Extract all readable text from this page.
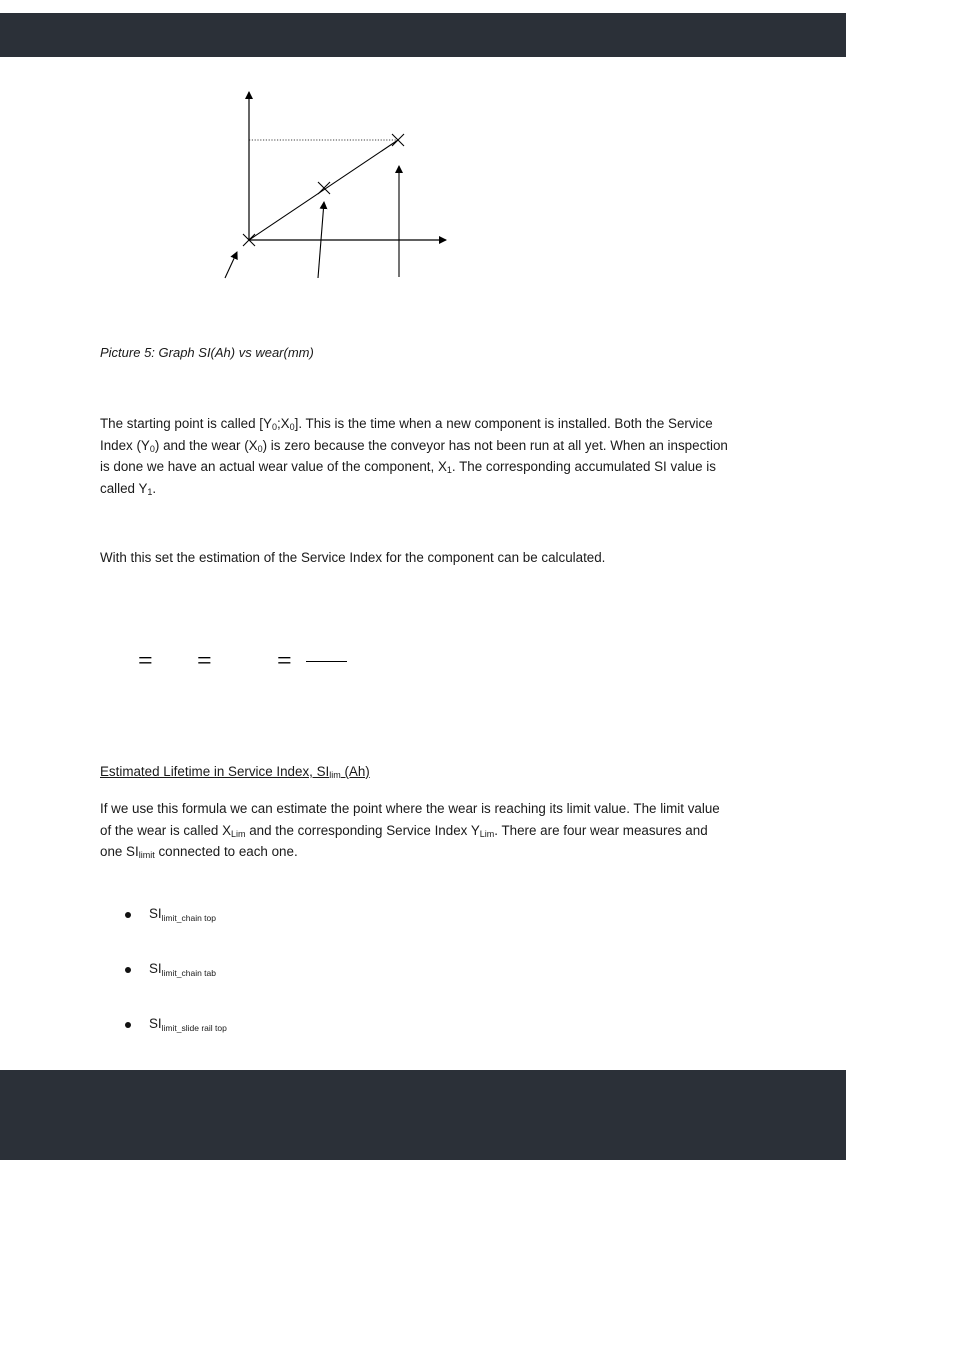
Picture 5: Graph SI(Ah) vs wear(mm)

The starting point is called $[Y_0;X_0]$. This is the time when a new component is installed. Both the Service Index $(Y_0)$ and the wear $(X_0)$ is zero because the conveyor has not been run at all yet. When an inspection is done we have an actual wear value of the component, $X_1$. The corresponding accumulated SI value is called $Y_1$.

With this set the estimation of the Service Index for the component can be calculated.

= =	=
Estimated Lifetime in Service Index, $SI_{lim}$ (Ah)

If we use this formula we can estimate the point where the wear is reaching its limit value. The limit value of the wear is called $X_{Lim}$ and the corresponding Service Index $Y_{Lim}$. There are four wear measures and one $SI_{limit}$ connected to each one.

$SI_{limit\_chain top}$
$SI_{limit\_chain tab}$
$SI_{limit\_slide rail top}$
